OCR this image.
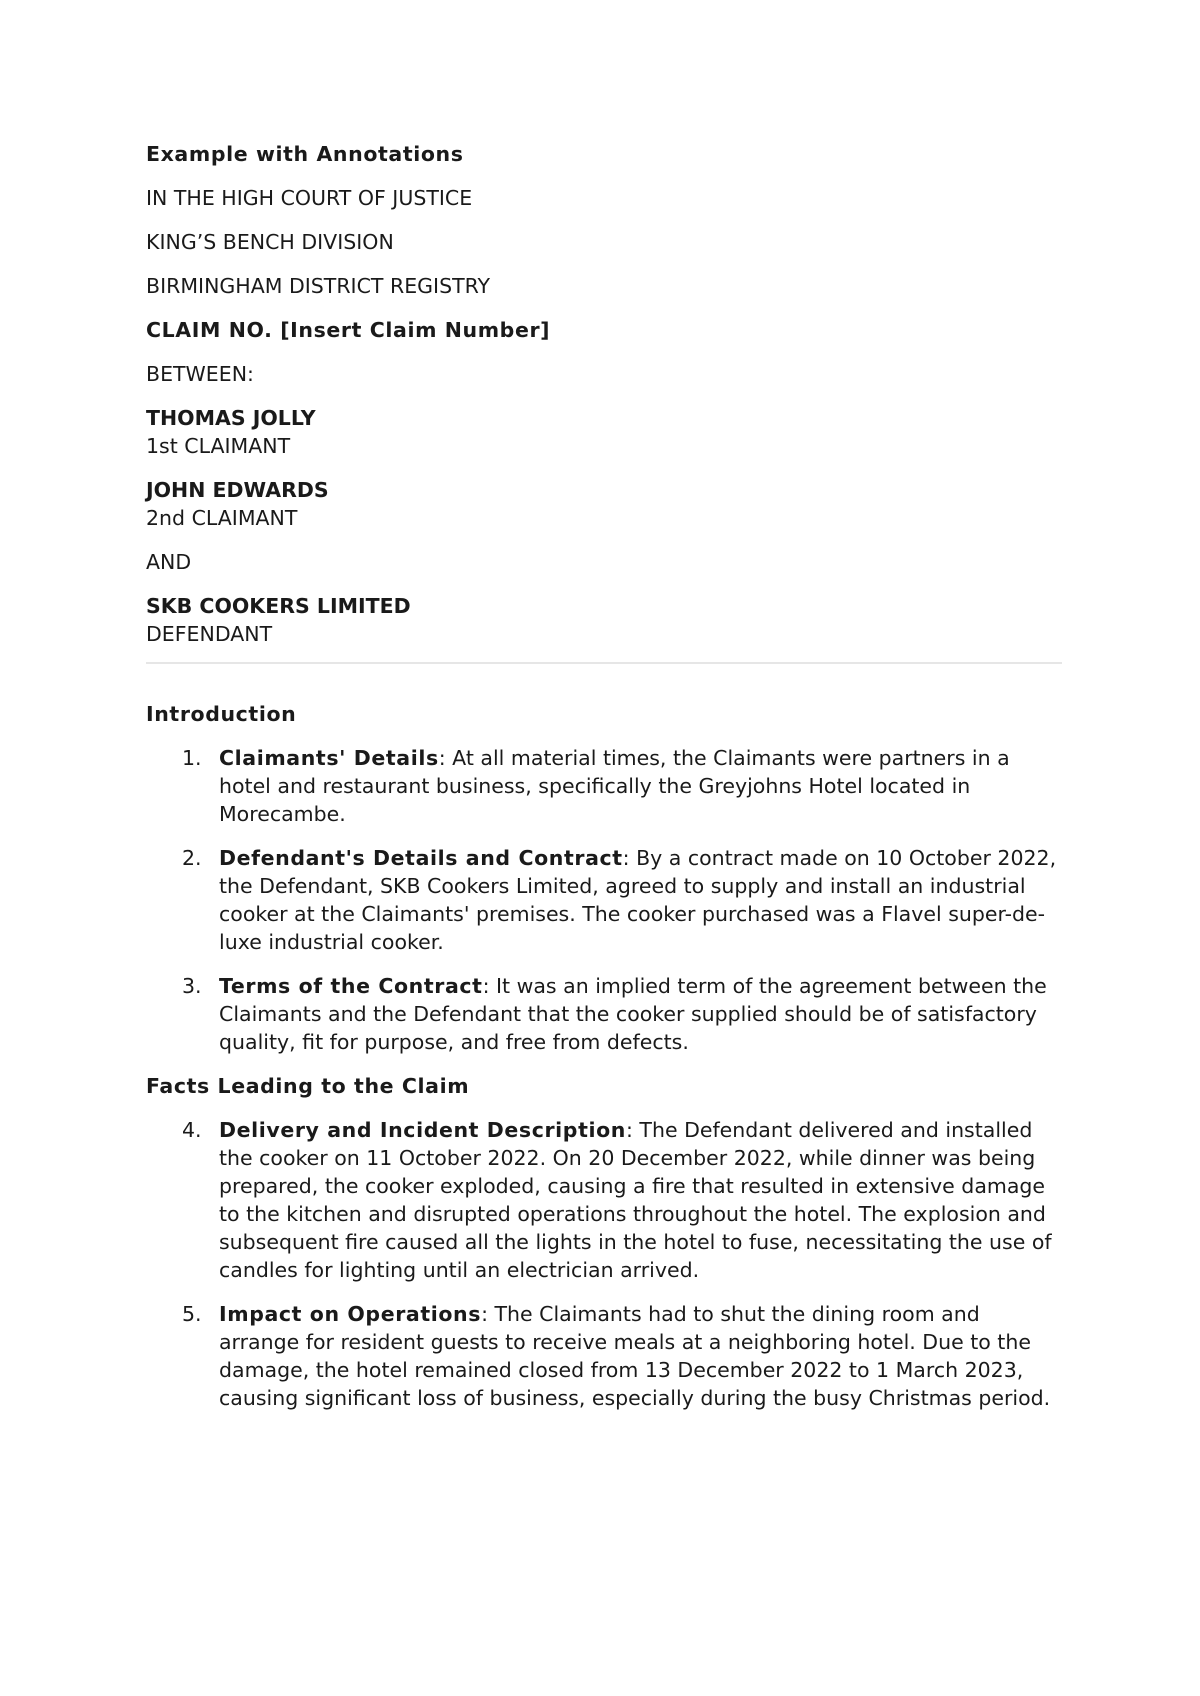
Example with Annotations

IN THE HIGH COURT OF JUSTICE

KING’S BENCH DIVISION

BIRMINGHAM DISTRICT REGISTRY

CLAIM NO. [Insert Claim Number]

BETWEEN:

THOMAS JOLLY

1st CLAIMANT

JOHN EDWARDS

2nd CLAIMANT

AND

SKB COOKERS LIMITED

DEFENDANT

Introduction
1. Claimants' Details: At all material times, the Claimants were partners in a hotel and restaurant business, specifically the Greyjohns Hotel located in Morecambe.
2. Defendant's Details and Contract: By a contract made on 10 October 2022, the Defendant, SKB Cookers Limited, agreed to supply and install an industrial cooker at the Claimants' premises. The cooker purchased was a Flavel super-de-luxe industrial cooker.
3. Terms of the Contract: It was an implied term of the agreement between the Claimants and the Defendant that the cooker supplied should be of satisfactory quality, fit for purpose, and free from defects.
Facts Leading to the Claim
4. Delivery and Incident Description: The Defendant delivered and installed the cooker on 11 October 2022. On 20 December 2022, while dinner was being prepared, the cooker exploded, causing a fire that resulted in extensive damage to the kitchen and disrupted operations throughout the hotel. The explosion and subsequent fire caused all the lights in the hotel to fuse, necessitating the use of candles for lighting until an electrician arrived.
5. Impact on Operations: The Claimants had to shut the dining room and arrange for resident guests to receive meals at a neighboring hotel. Due to the damage, the hotel remained closed from 13 December 2022 to 1 March 2023, causing significant loss of business, especially during the busy Christmas period.
